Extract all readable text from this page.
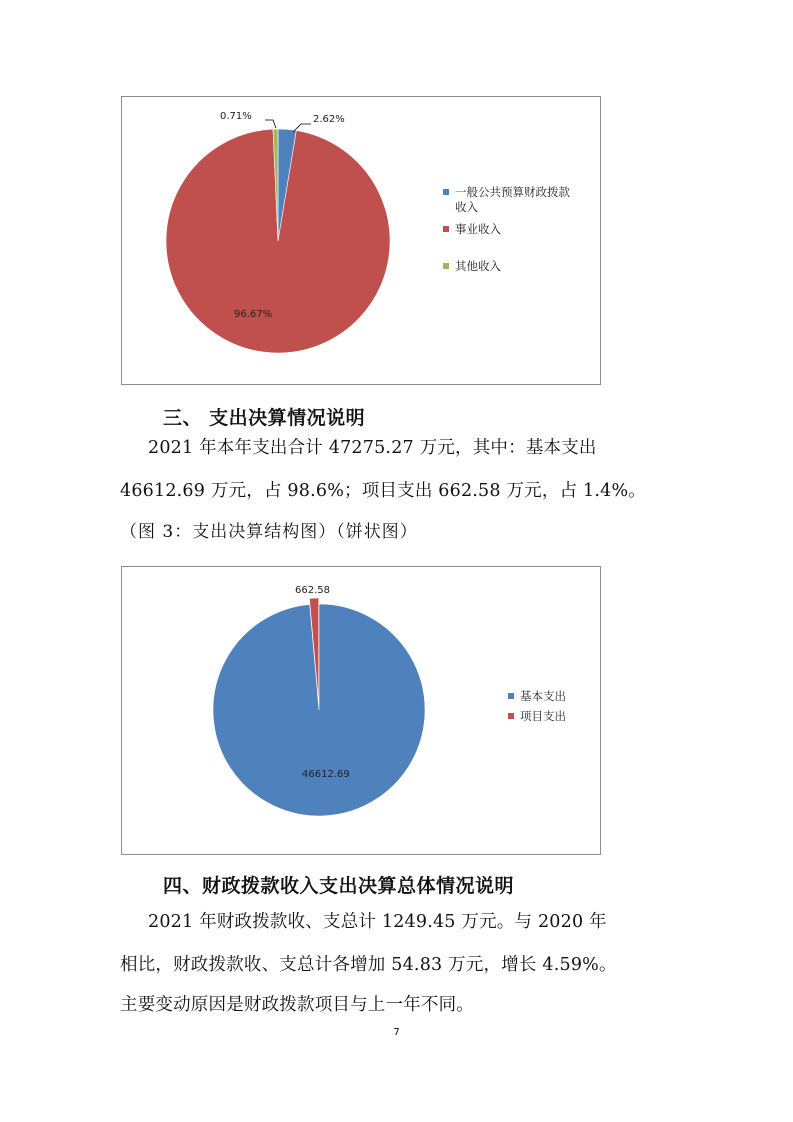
2.62%
96.67%
0.71%
一般公共预算财政拨款
收入
事业收入
其他收入
三、 支出决算情况说明
2021 年本年支出合计 47275.27 万元，其中：基本支出
46612.69 万元，占 98.6%；项目支出 662.58 万元，占 1.4%。
（图 3：支出决算结构图）（饼状图）
46612.69
662.58
基本支出
项目支出
四、财政拨款收入支出决算总体情况说明
2021 年财政拨款收、支总计 1249.45 万元。与 2020 年
相比，财政拨款收、支总计各增加 54.83 万元，增长 4.59%。
主要变动原因是财政拨款项目与上一年不同。
7
